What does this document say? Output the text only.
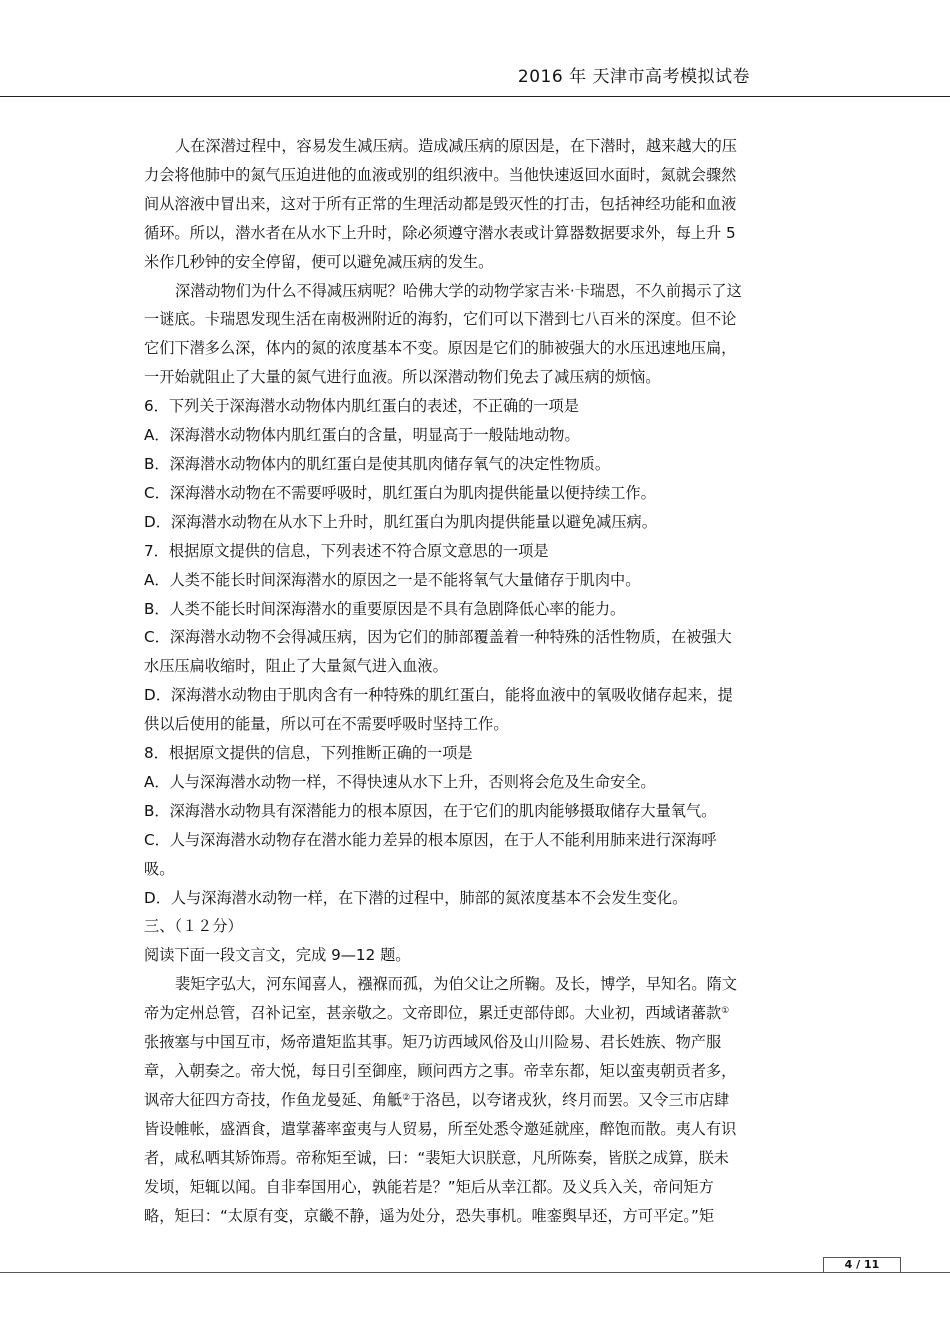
2016 年 天津市高考模拟试卷

人在深潜过程中，容易发生减压病。造成减压病的原因是，在下潜时，越来越大的压

力会将他肺中的氮气压迫进他的血液或别的组织液中。当他快速返回水面时，氮就会骤然

间从溶液中冒出来，这对于所有正常的生理活动都是毁灭性的打击，包括神经功能和血液

循环。所以，潜水者在从水下上升时，除必须遵守潜水表或计算器数据要求外，每上升 5

米作几秒钟的安全停留，便可以避免减压病的发生。

深潜动物们为什么不得减压病呢？哈佛大学的动物学家吉米·卡瑞恩，不久前揭示了这

一谜底。卡瑞恩发现生活在南极洲附近的海豹，它们可以下潜到七八百米的深度。但不论

它们下潜多么深，体内的氮的浓度基本不变。原因是它们的肺被强大的水压迅速地压扁，

一开始就阻止了大量的氮气进行血液。所以深潜动物们免去了减压病的烦恼。

6．下列关于深海潜水动物体内肌红蛋白的表述，不正确的一项是

A．深海潜水动物体内肌红蛋白的含量，明显高于一般陆地动物。

B．深海潜水动物体内的肌红蛋白是使其肌肉储存氧气的决定性物质。

C．深海潜水动物在不需要呼吸时，肌红蛋白为肌肉提供能量以便持续工作。

D．深海潜水动物在从水下上升时，肌红蛋白为肌肉提供能量以避免减压病。

7．根据原文提供的信息，下列表述不符合原文意思的一项是

A．人类不能长时间深海潜水的原因之一是不能将氧气大量储存于肌肉中。

B．人类不能长时间深海潜水的重要原因是不具有急剧降低心率的能力。

C．深海潜水动物不会得减压病，因为它们的肺部覆盖着一种特殊的活性物质，在被强大

水压压扁收缩时，阻止了大量氮气进入血液。

D．深海潜水动物由于肌肉含有一种特殊的肌红蛋白，能将血液中的氧吸收储存起来，提

供以后使用的能量，所以可在不需要呼吸时坚持工作。

8．根据原文提供的信息，下列推断正确的一项是

A．人与深海潜水动物一样，不得快速从水下上升，否则将会危及生命安全。

B．深海潜水动物具有深潜能力的根本原因，在于它们的肌肉能够摄取储存大量氧气。

C．人与深海潜水动物存在潜水能力差异的根本原因，在于人不能利用肺来进行深海呼

吸。

D．人与深海潜水动物一样，在下潜的过程中，肺部的氮浓度基本不会发生变化。

三、（１２分）

阅读下面一段文言文，完成 9—12 题。

裴矩字弘大，河东闻喜人，襁褓而孤，为伯父让之所鞠。及长，博学，早知名。隋文

帝为定州总管，召补记室，甚亲敬之。文帝即位，累迁吏部侍郎。大业初，西域诸蕃款①

张掖塞与中国互市，炀帝遣矩监其事。矩乃访西域风俗及山川险易、君长姓族、物产服

章，入朝奏之。帝大悦，每日引至御座，顾问西方之事。帝幸东都，矩以蛮夷朝贡者多，

讽帝大征四方奇技，作鱼龙曼延、角觝②于洛邑，以夸诸戎狄，终月而罢。又令三市店肆

皆设帷帐，盛酒食，遣掌蕃率蛮夷与人贸易，所至处悉令邀延就座，醉饱而散。夷人有识

者，咸私哂其矫饰焉。帝称矩至诚，曰：“裴矩大识朕意，凡所陈奏，皆朕之成算，朕未

发顷，矩辄以闻。自非奉国用心，孰能若是？”矩后从幸江都。及义兵入关，帝问矩方

略，矩曰：“太原有变，京畿不静，遥为处分，恐失事机。唯銮舆早还，方可平定。”矩

4 / 11
